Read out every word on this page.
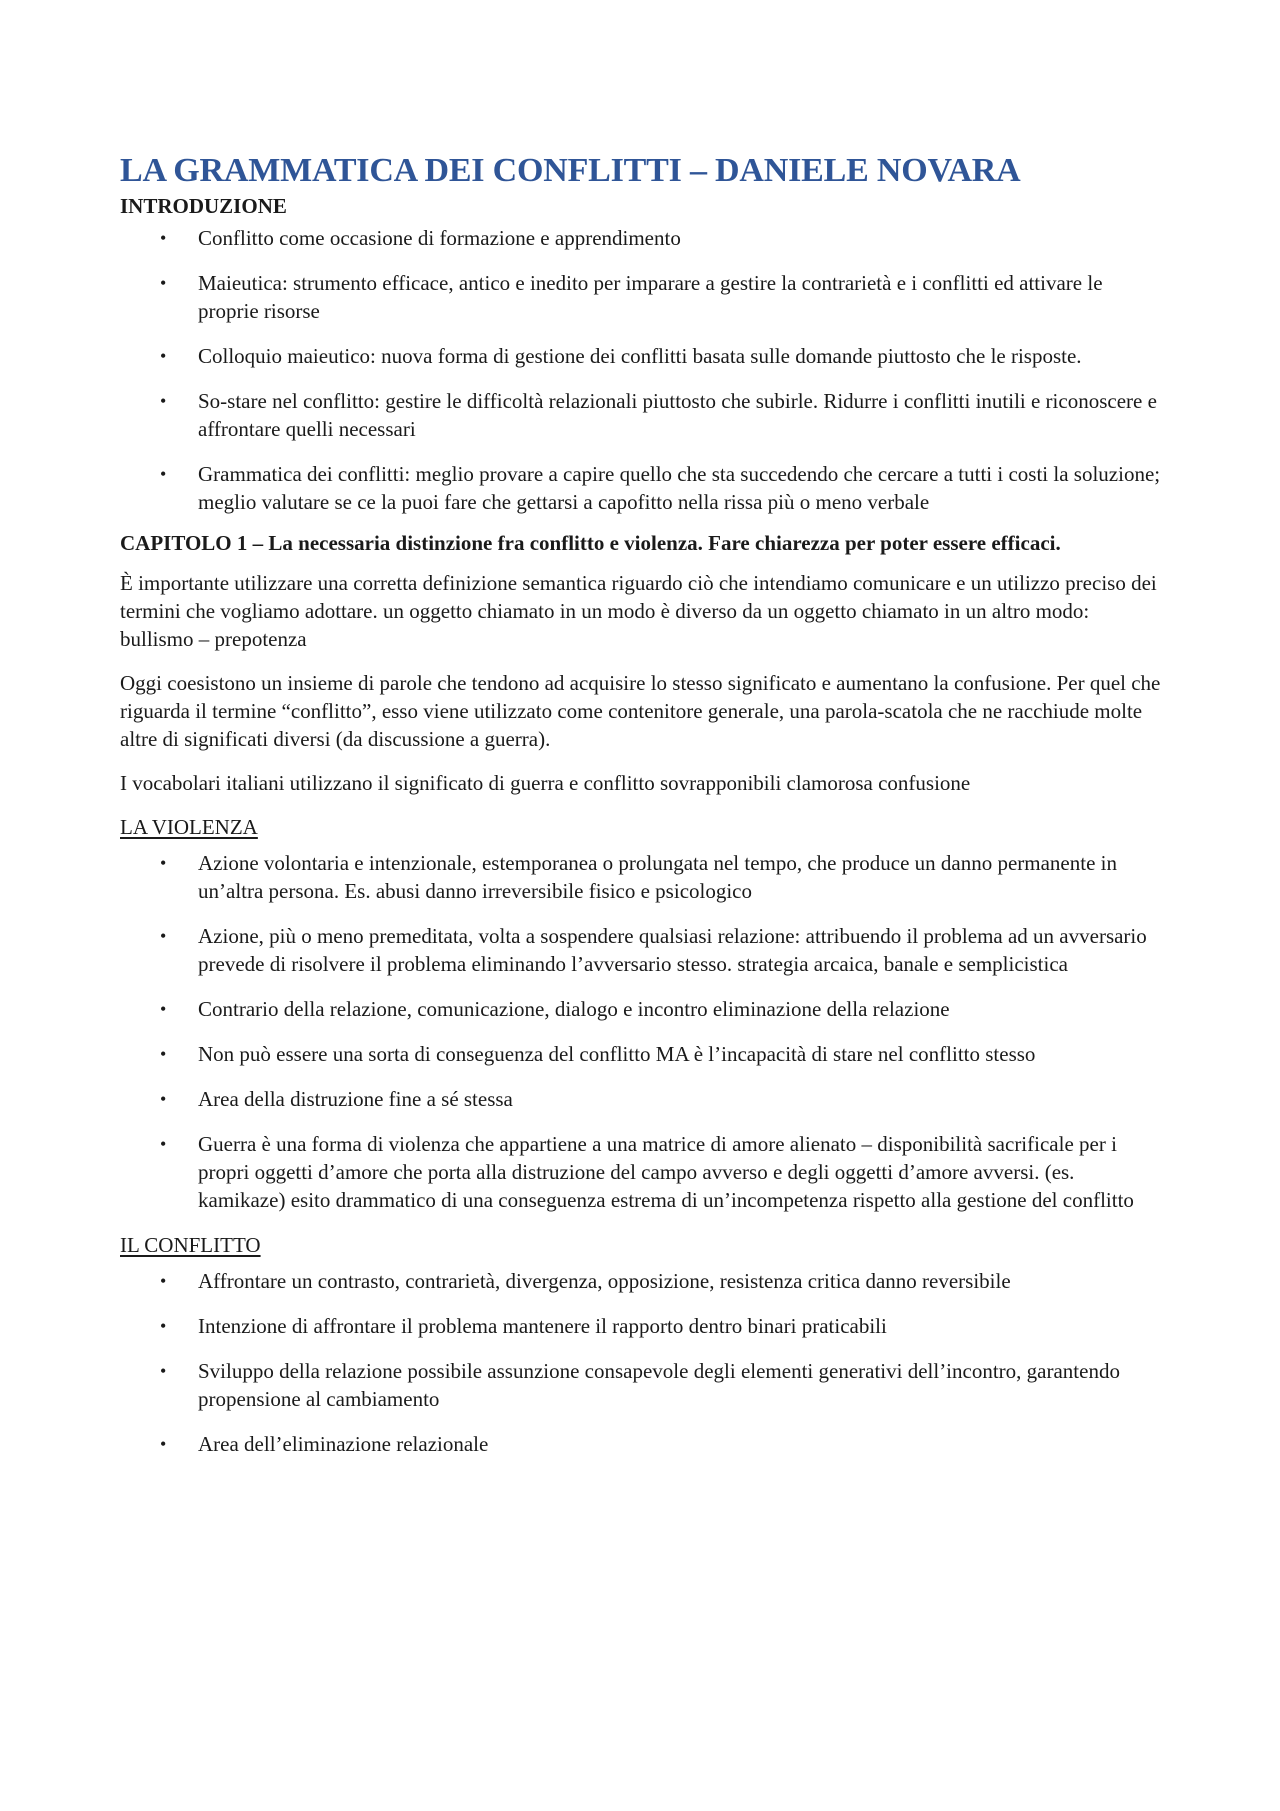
LA GRAMMATICA DEI CONFLITTI – DANIELE NOVARA
INTRODUZIONE
• Conflitto come occasione di formazione e apprendimento
• Maieutica: strumento efficace, antico e inedito per imparare a gestire la contrarietà e i conflitti ed attivare le proprie risorse
• Colloquio maieutico: nuova forma di gestione dei conflitti basata sulle domande piuttosto che le risposte.
• So-stare nel conflitto: gestire le difficoltà relazionali piuttosto che subirle. Ridurre i conflitti inutili e riconoscere e affrontare quelli necessari
• Grammatica dei conflitti: meglio provare a capire quello che sta succedendo che cercare a tutti i costi la soluzione; meglio valutare se ce la puoi fare che gettarsi a capofitto nella rissa più o meno verbale
CAPITOLO 1 – La necessaria distinzione fra conflitto e violenza. Fare chiarezza per poter essere efficaci.

È importante utilizzare una corretta definizione semantica riguardo ciò che intendiamo comunicare e un utilizzo preciso dei termini che vogliamo adottare. un oggetto chiamato in un modo è diverso da un oggetto chiamato in un altro modo: bullismo – prepotenza

Oggi coesistono un insieme di parole che tendono ad acquisire lo stesso significato e aumentano la confusione. Per quel che riguarda il termine “conflitto”, esso viene utilizzato come contenitore generale, una parola-scatola che ne racchiude molte altre di significati diversi (da discussione a guerra).

I vocabolari italiani utilizzano il significato di guerra e conflitto sovrapponibili clamorosa confusione

LA VIOLENZA
• Azione volontaria e intenzionale, estemporanea o prolungata nel tempo, che produce un danno permanente in un’altra persona. Es. abusi danno irreversibile fisico e psicologico
• Azione, più o meno premeditata, volta a sospendere qualsiasi relazione: attribuendo il problema ad un avversario prevede di risolvere il problema eliminando l’avversario stesso. strategia arcaica, banale e semplicistica
• Contrario della relazione, comunicazione, dialogo e incontro eliminazione della relazione
• Non può essere una sorta di conseguenza del conflitto MA è l’incapacità di stare nel conflitto stesso
• Area della distruzione fine a sé stessa
• Guerra è una forma di violenza che appartiene a una matrice di amore alienato – disponibilità sacrificale per i propri oggetti d’amore che porta alla distruzione del campo avverso e degli oggetti d’amore avversi. (es. kamikaze) esito drammatico di una conseguenza estrema di un’incompetenza rispetto alla gestione del conflitto
IL CONFLITTO
• Affrontare un contrasto, contrarietà, divergenza, opposizione, resistenza critica danno reversibile
• Intenzione di affrontare il problema mantenere il rapporto dentro binari praticabili
• Sviluppo della relazione possibile assunzione consapevole degli elementi generativi dell’incontro, garantendo propensione al cambiamento
• Area dell’eliminazione relazionale
